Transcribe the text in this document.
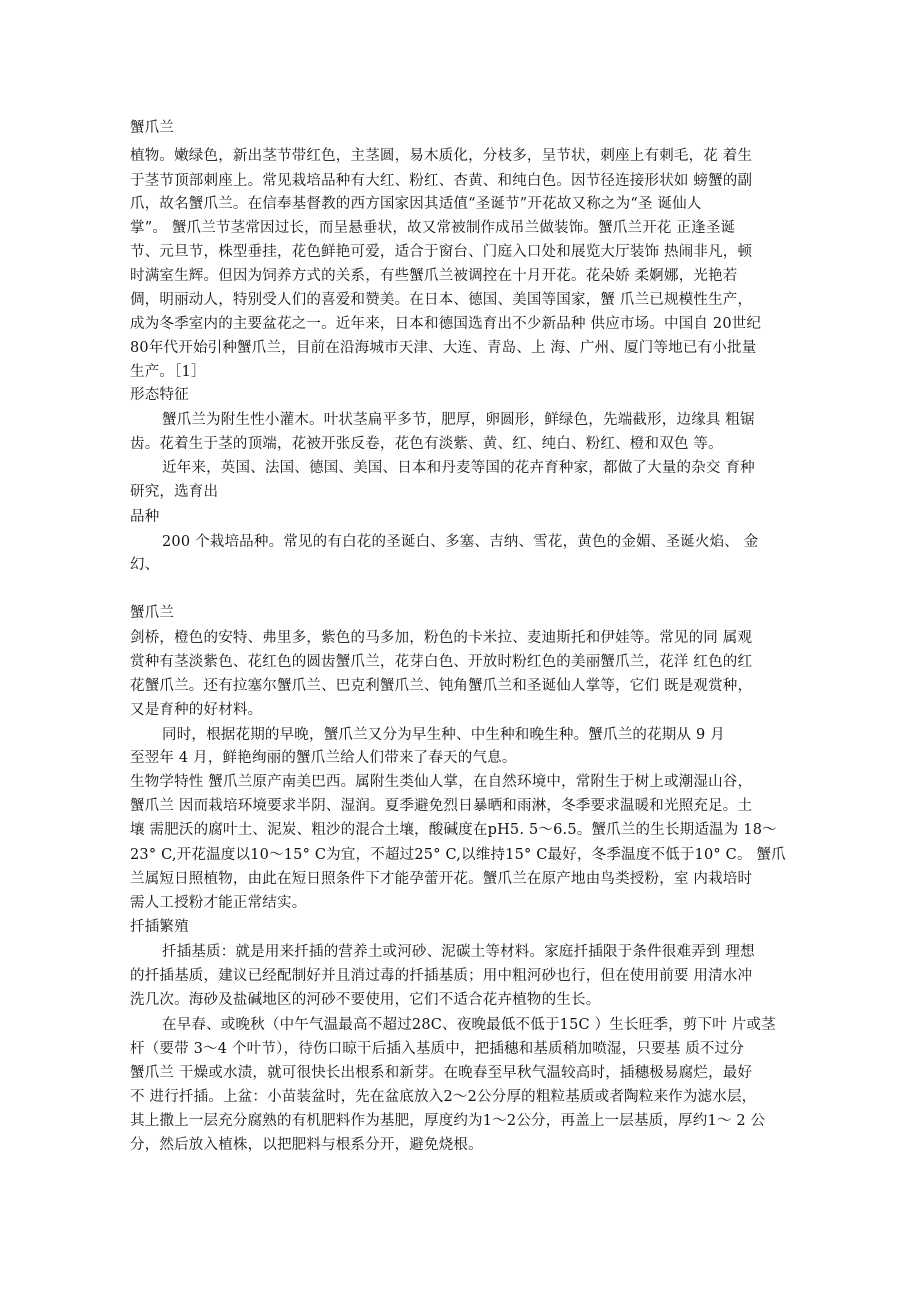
蟹爪兰
植物。嫩绿色，新出茎节带红色，主茎圆，易木质化，分枝多，呈节状，刺座上有刺毛，花 着生
于茎节顶部刺座上。常见栽培品种有大红、粉红、杏黄、和纯白色。因节径连接形状如 螃蟹的副
爪，故名蟹爪兰。在信奉基督教的西方国家因其适值“圣诞节”开花故又称之为“圣 诞仙人
掌”。 蟹爪兰节茎常因过长，而呈悬垂状，故又常被制作成吊兰做装饰。蟹爪兰开花 正逢圣诞
节、元旦节，株型垂挂，花色鲜艳可爱，适合于窗台、门庭入口处和展览大厅装饰 热闹非凡，顿
时满室生辉。但因为饲养方式的关系，有些蟹爪兰被调控在十月开花。花朵娇 柔婀娜，光艳若
倜，明丽动人，特别受人们的喜爱和赞美。在日本、德国、美国等国家，蟹 爪兰已规模性生产，
成为冬季室内的主要盆花之一。近年来，日本和德国选育出不少新品种 供应市场。中国自 20世纪
80年代开始引种蟹爪兰，目前在沿海城市天津、大连、青岛、上 海、广州、厦门等地已有小批量
生产。［1］
形态特征
蟹爪兰为附生性小灌木。叶状茎扁平多节，肥厚，卵圆形，鲜绿色，先端截形，边缘具 粗锯
齿。花着生于茎的顶端，花被开张反卷，花色有淡紫、黄、红、纯白、粉红、橙和双色 等。
近年来，英国、法国、德国、美国、日本和丹麦等国的花卉育种家，都做了大量的杂交 育种
研究，选育出
品种
200 个栽培品种。常见的有白花的圣诞白、多塞、吉纳、雪花，黄色的金媚、圣诞火焰、 金
幻、
蟹爪兰
剑桥，橙色的安特、弗里多，紫色的马多加，粉色的卡米拉、麦迪斯托和伊娃等。常见的同 属观
赏种有茎淡紫色、花红色的圆齿蟹爪兰，花芽白色、开放时粉红色的美丽蟹爪兰，花洋 红色的红
花蟹爪兰。还有拉塞尔蟹爪兰、巴克利蟹爪兰、钝角蟹爪兰和圣诞仙人掌等，它们 既是观赏种，
又是育种的好材料。
同时，根据花期的早晚，蟹爪兰又分为早生种、中生种和晚生种。蟹爪兰的花期从 9 月
至翌年 4 月，鲜艳绚丽的蟹爪兰给人们带来了春天的气息。
生物学特性 蟹爪兰原产南美巴西。属附生类仙人掌，在自然环境中，常附生于树上或潮湿山谷，
蟹爪兰 因而栽培环境要求半阴、湿润。夏季避免烈日暴晒和雨淋，冬季要求温暖和光照充足。土
壤 需肥沃的腐叶土、泥炭、粗沙的混合土壤，酸碱度在pH5. 5〜6.5。蟹爪兰的生长期适温为 18〜
23° C,开花温度以10〜15° C为宜，不超过25° C,以维持15° C最好，冬季温度不低于10° C。 蟹爪
兰属短日照植物，由此在短日照条件下才能孕蕾开花。蟹爪兰在原产地由鸟类授粉，室 内栽培时
需人工授粉才能正常结实。
扦插繁殖
扦插基质：就是用来扦插的营养土或河砂、泥碳土等材料。家庭扦插限于条件很难弄到 理想
的扦插基质，建议已经配制好并且消过毒的扦插基质；用中粗河砂也行，但在使用前要 用清水冲
洗几次。海砂及盐碱地区的河砂不要使用，它们不适合花卉植物的生长。
在早春、或晚秋（中午气温最高不超过28C、夜晚最低不低于15C ）生长旺季，剪下叶 片或茎
杆（要带 3〜4 个叶节），待伤口晾干后插入基质中，把插穗和基质稍加喷湿，只要基 质不过分
蟹爪兰 干燥或水渍，就可很快长出根系和新芽。在晚春至早秋气温较高时，插穗极易腐烂，最好
不 进行扦插。上盆：小苗装盆时，先在盆底放入2〜2公分厚的粗粒基质或者陶粒来作为滤水层，
其上撒上一层充分腐熟的有机肥料作为基肥，厚度约为1〜2公分，再盖上一层基质，厚约1〜 2 公
分，然后放入植株，以把肥料与根系分开，避免烧根。
